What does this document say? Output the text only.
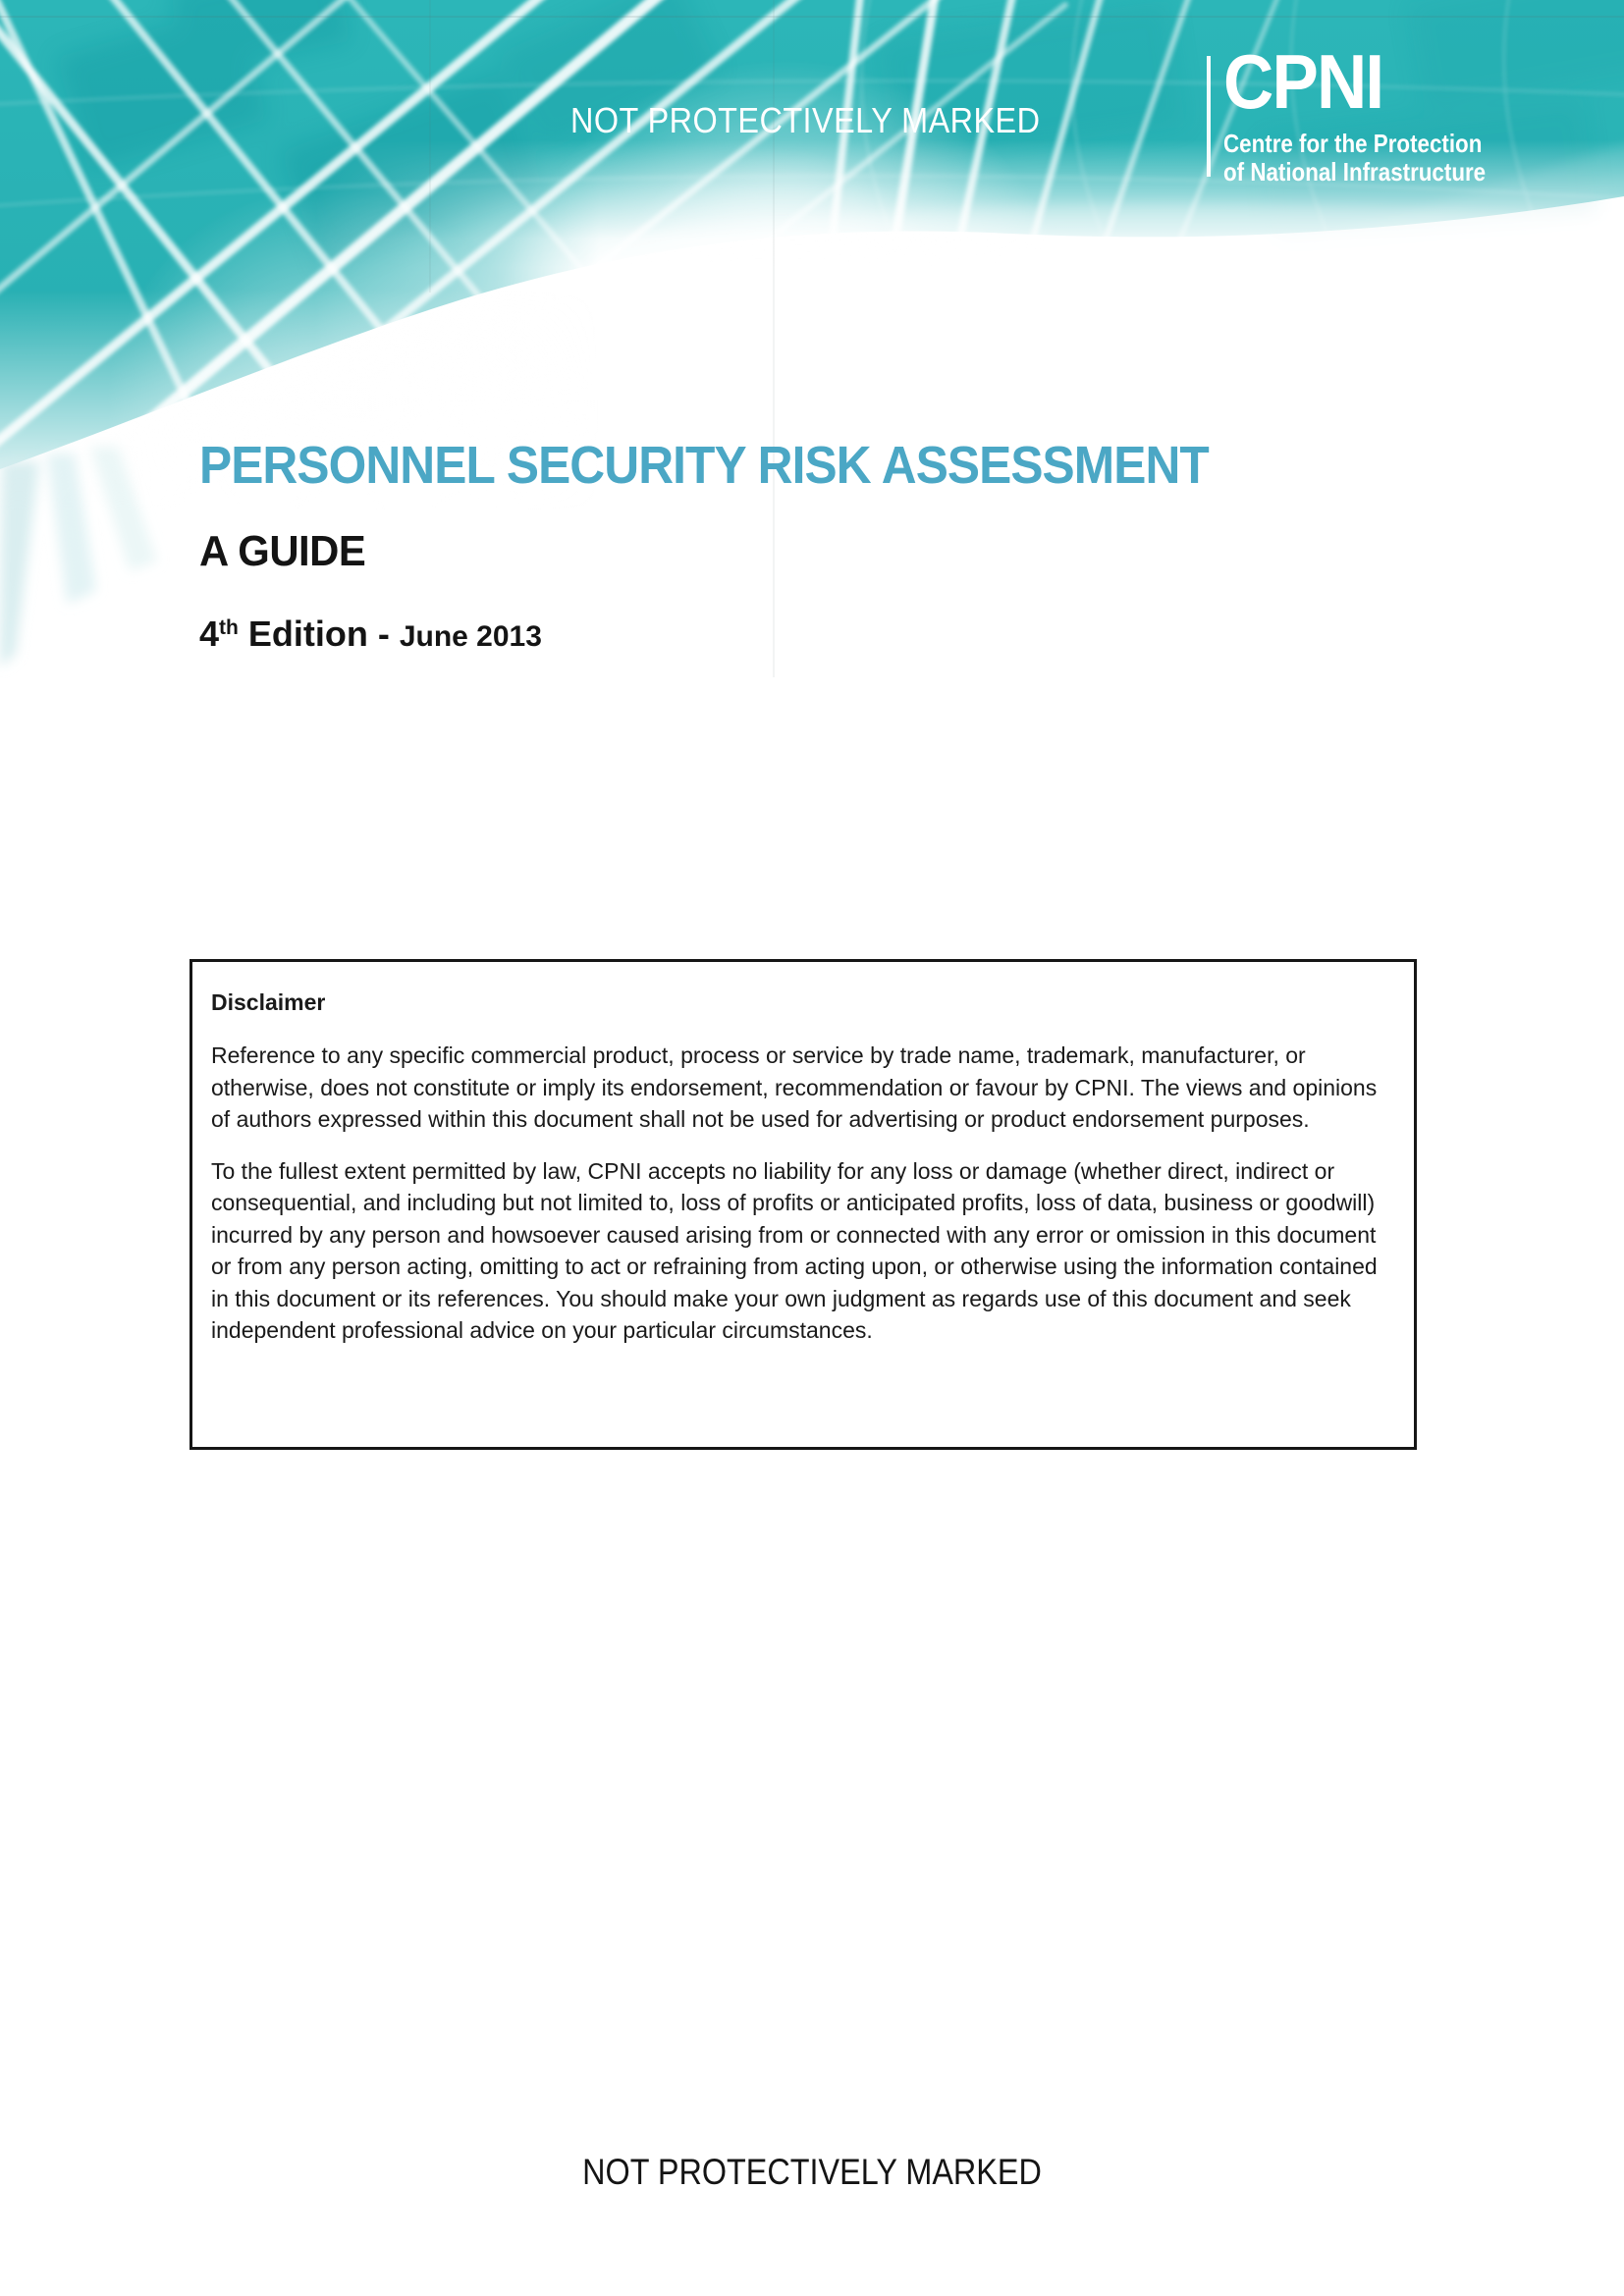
NOT PROTECTIVELY MARKED CPNI
Centre for the Protection
of National Infrastructure
PERSONNEL SECURITY RISK ASSESSMENT
A GUIDE
4th Edition - June 2013
Disclaimer

Reference to any specific commercial product, process or service by trade name, trademark, manufacturer, or otherwise, does not constitute or imply its endorsement, recommendation or favour by CPNI. The views and opinions of authors expressed within this document shall not be used for advertising or product endorsement purposes.

To the fullest extent permitted by law, CPNI accepts no liability for any loss or damage (whether direct, indirect or consequential, and including but not limited to, loss of profits or anticipated profits, loss of data, business or goodwill) incurred by any person and howsoever caused arising from or connected with any error or omission in this document or from any person acting, omitting to act or refraining from acting upon, or otherwise using the information contained in this document or its references. You should make your own judgment as regards use of this document and seek independent professional advice on your particular circumstances.

NOT PROTECTIVELY MARKED
